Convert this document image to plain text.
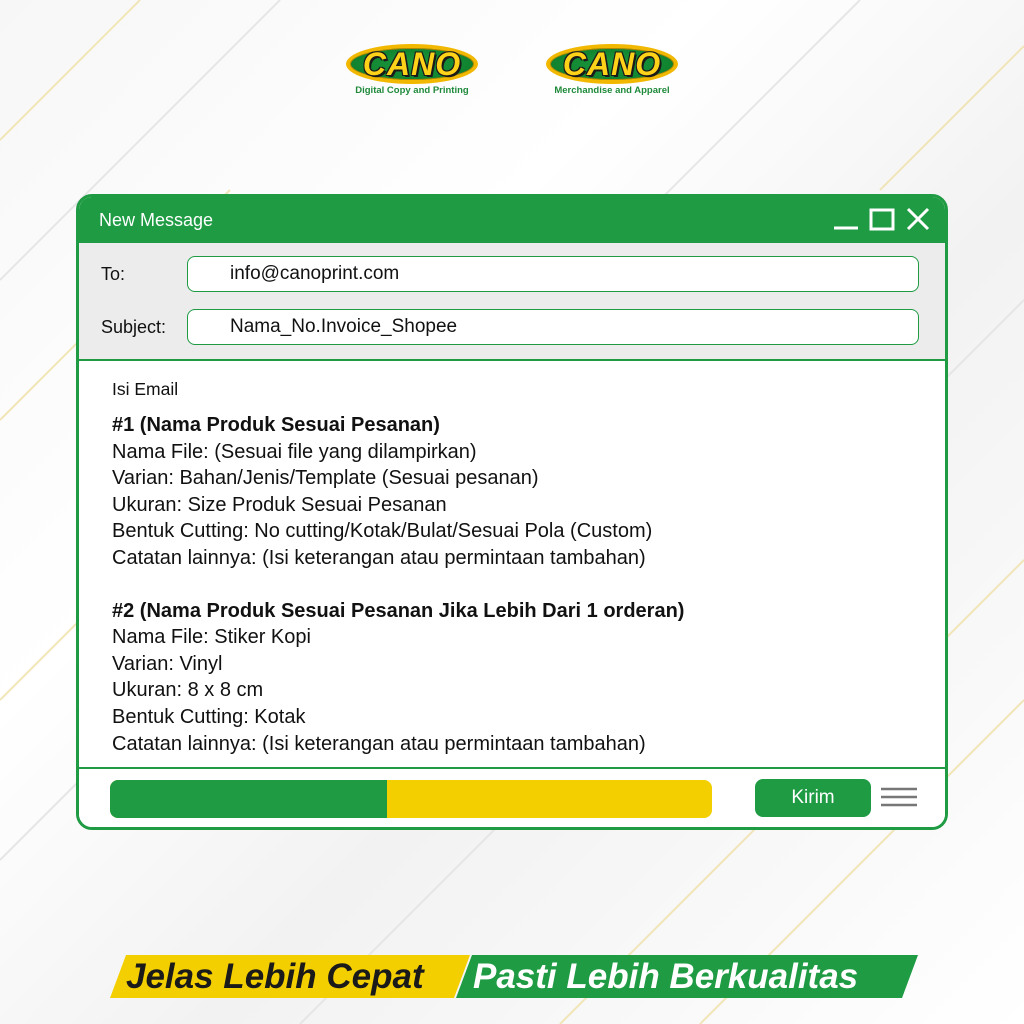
CANO
Digital Copy and Printing
CANO
Merchandise and Apparel
New Message
To:
info@canoprint.com
Subject:
Nama_No.Invoice_Shopee
Isi Email
#1 (Nama Produk Sesuai Pesanan)
Nama File: (Sesuai file yang dilampirkan)
Varian: Bahan/Jenis/Template (Sesuai pesanan)
Ukuran: Size Produk Sesuai Pesanan
Bentuk Cutting: No cutting/Kotak/Bulat/Sesuai Pola (Custom)
Catatan lainnya: (Isi keterangan atau permintaan tambahan)
#2 (Nama Produk Sesuai Pesanan Jika Lebih Dari 1 orderan)
Nama File: Stiker Kopi
Varian: Vinyl
Ukuran: 8 x 8 cm
Bentuk Cutting: Kotak
Catatan lainnya: (Isi keterangan atau permintaan tambahan)
Kirim
Jelas Lebih Cepat Pasti Lebih Berkualitas
